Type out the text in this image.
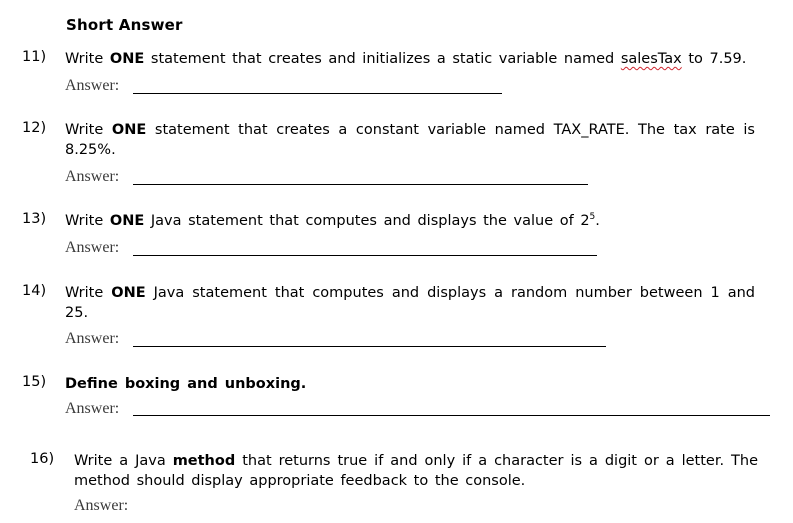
Short Answer
11) Write ONE statement that creates and initializes a static variable named salesTax to 7.59.
Answer:
12) Write ONE statement that creates a constant variable named TAX_RATE. The tax rate is 8.25%.
Answer:
13) Write ONE Java statement that computes and displays the value of $2^5$.
Answer:
14) Write ONE Java statement that computes and displays a random number between 1 and 25.
Answer:
15) Define boxing and unboxing.
Answer:
16) Write a Java method that returns true if and only if a character is a digit or a letter. The method should display appropriate feedback to the console.
Answer:
